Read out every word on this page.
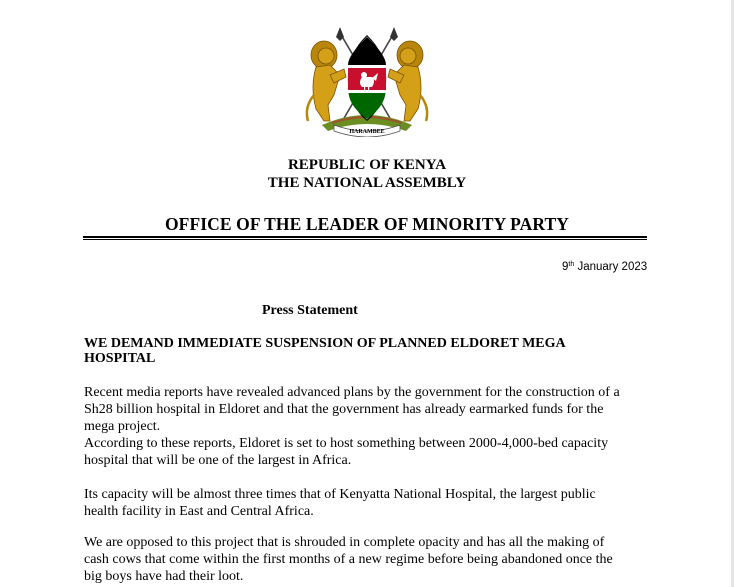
HARAMBEE
REPUBLIC OF KENYA
THE NATIONAL ASSEMBLY
OFFICE OF THE LEADER OF MINORITY PARTY
9th January 2023
Press Statement
WE DEMAND IMMEDIATE SUSPENSION OF PLANNED ELDORET MEGA
HOSPITAL
Recent media reports have revealed advanced plans by the government for the construction of a
Sh28 billion hospital in Eldoret and that the government has already earmarked funds for the
mega project.
According to these reports, Eldoret is set to host something between 2000-4,000-bed capacity
hospital that will be one of the largest in Africa.
Its capacity will be almost three times that of Kenyatta National Hospital, the largest public
health facility in East and Central Africa.
We are opposed to this project that is shrouded in complete opacity and has all the making of
cash cows that come within the first months of a new regime before being abandoned once the
big boys have had their loot.
